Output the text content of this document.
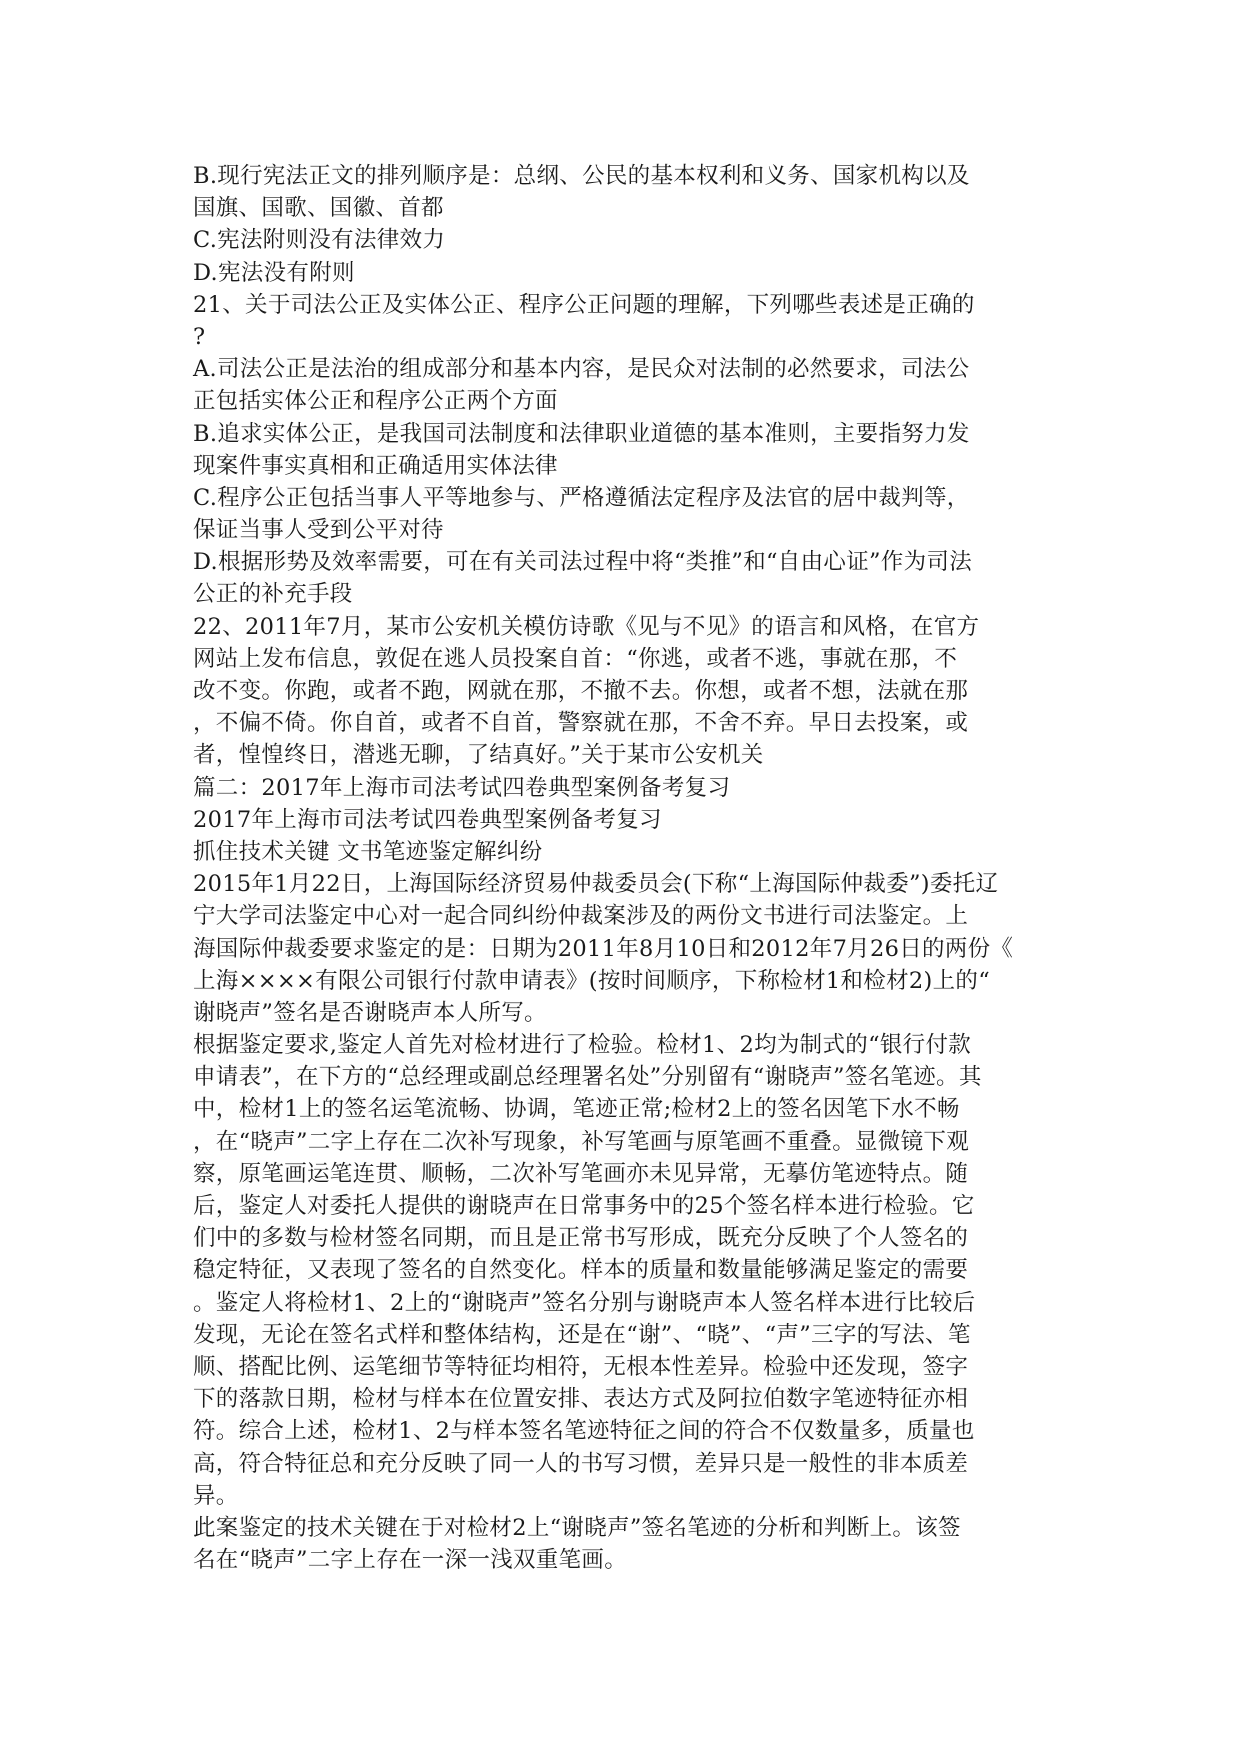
B.现行宪法正文的排列顺序是：总纲、公民的基本权利和义务、国家机构以及
国旗、国歌、国徽、首都
C.宪法附则没有法律效力
D.宪法没有附则
21、关于司法公正及实体公正、程序公正问题的理解，下列哪些表述是正确的
?
A.司法公正是法治的组成部分和基本内容，是民众对法制的必然要求，司法公
正包括实体公正和程序公正两个方面
B.追求实体公正，是我国司法制度和法律职业道德的基本准则，主要指努力发
现案件事实真相和正确适用实体法律
C.程序公正包括当事人平等地参与、严格遵循法定程序及法官的居中裁判等，
保证当事人受到公平对待
D.根据形势及效率需要，可在有关司法过程中将“类推”和“自由心证”作为司法
公正的补充手段
22、2011年7月，某市公安机关模仿诗歌《见与不见》的语言和风格，在官方
网站上发布信息，敦促在逃人员投案自首：“你逃，或者不逃，事就在那，不
改不变。你跑，或者不跑，网就在那，不撤不去。你想，或者不想，法就在那
，不偏不倚。你自首，或者不自首，警察就在那，不舍不弃。早日去投案，或
者，惶惶终日，潜逃无聊，了结真好。”关于某市公安机关
篇二：2017年上海市司法考试四卷典型案例备考复习
2017年上海市司法考试四卷典型案例备考复习
抓住技术关键 文书笔迹鉴定解纠纷
2015年1月22日，上海国际经济贸易仲裁委员会(下称“上海国际仲裁委”)委托辽
宁大学司法鉴定中心对一起合同纠纷仲裁案涉及的两份文书进行司法鉴定。上
海国际仲裁委要求鉴定的是：日期为2011年8月10日和2012年7月26日的两份《
上海××××有限公司银行付款申请表》(按时间顺序，下称检材1和检材2)上的“
谢晓声”签名是否谢晓声本人所写。
根据鉴定要求,鉴定人首先对检材进行了检验。检材1、2均为制式的“银行付款
申请表”，在下方的“总经理或副总经理署名处”分别留有“谢晓声”签名笔迹。其
中，检材1上的签名运笔流畅、协调，笔迹正常;检材2上的签名因笔下水不畅
，在“晓声”二字上存在二次补写现象，补写笔画与原笔画不重叠。显微镜下观
察，原笔画运笔连贯、顺畅，二次补写笔画亦未见异常，无摹仿笔迹特点。随
后，鉴定人对委托人提供的谢晓声在日常事务中的25个签名样本进行检验。它
们中的多数与检材签名同期，而且是正常书写形成，既充分反映了个人签名的
稳定特征，又表现了签名的自然变化。样本的质量和数量能够满足鉴定的需要
。鉴定人将检材1、2上的“谢晓声”签名分别与谢晓声本人签名样本进行比较后
发现，无论在签名式样和整体结构，还是在“谢”、“晓”、“声”三字的写法、笔
顺、搭配比例、运笔细节等特征均相符，无根本性差异。检验中还发现，签字
下的落款日期，检材与样本在位置安排、表达方式及阿拉伯数字笔迹特征亦相
符。综合上述，检材1、2与样本签名笔迹特征之间的符合不仅数量多，质量也
高，符合特征总和充分反映了同一人的书写习惯，差异只是一般性的非本质差
异。
此案鉴定的技术关键在于对检材2上“谢晓声”签名笔迹的分析和判断上。该签
名在“晓声”二字上存在一深一浅双重笔画。
